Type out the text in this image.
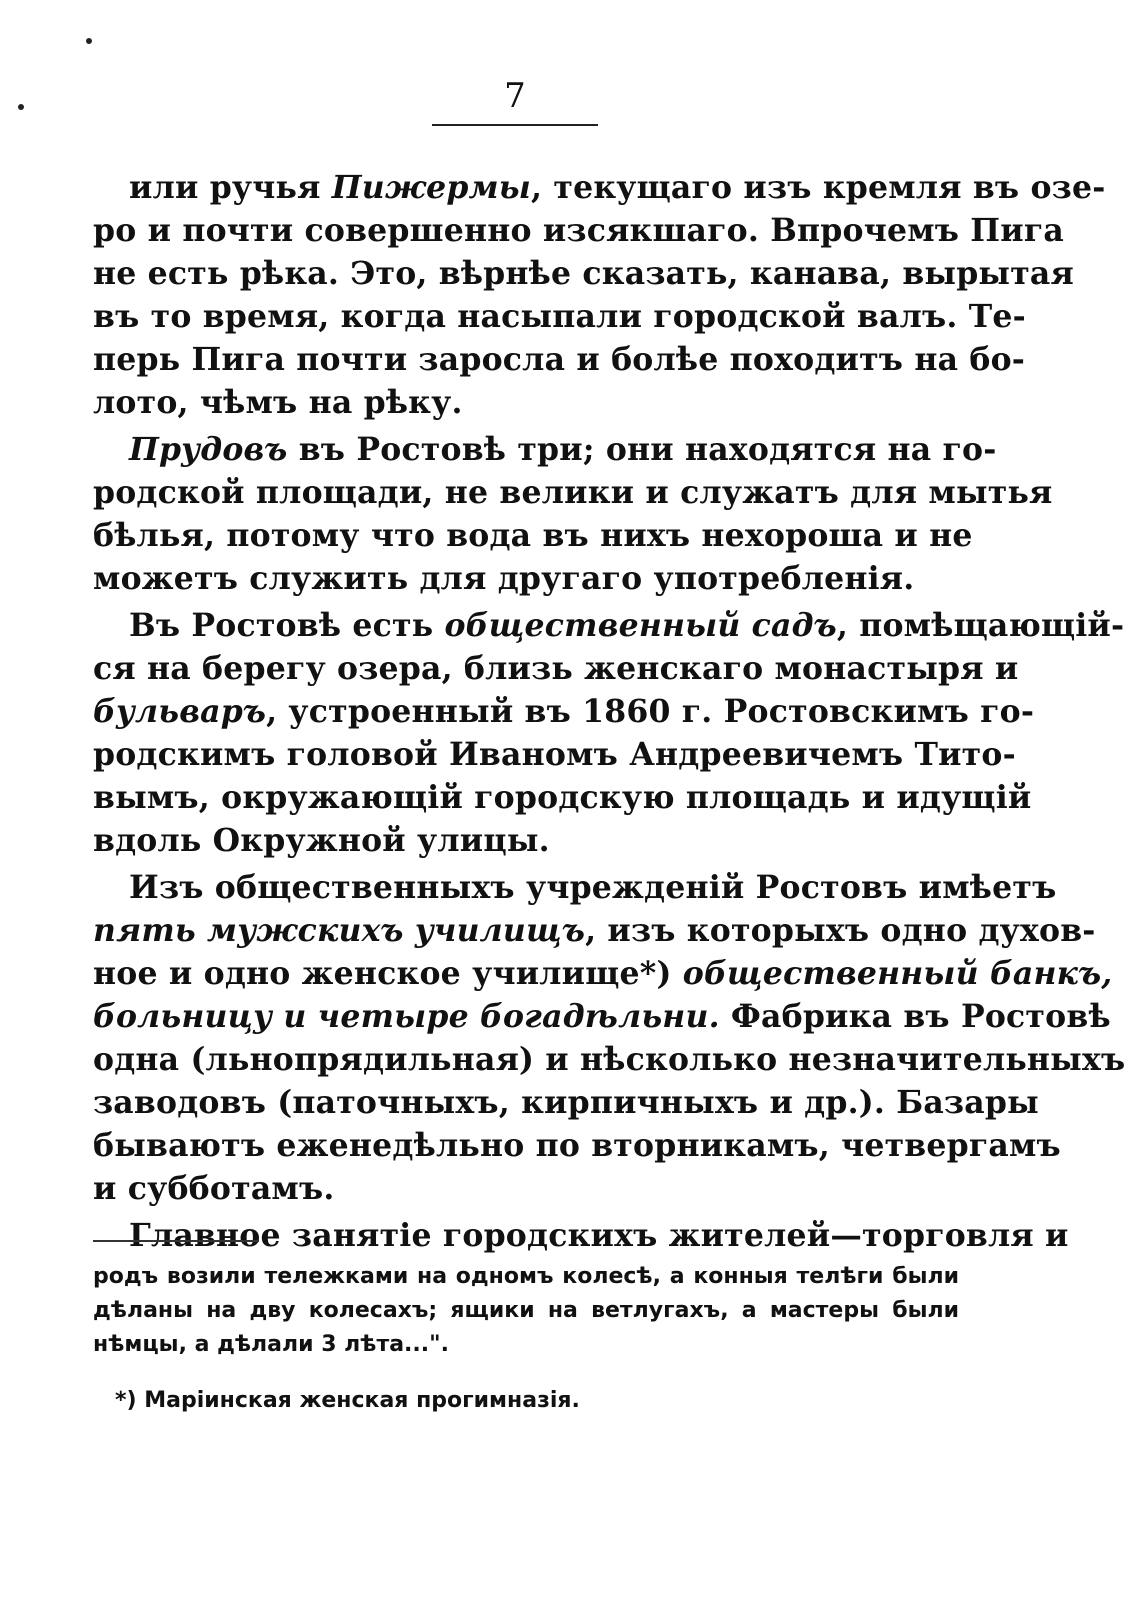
7
или ручья Пижермы, текущаго изъ кремля въ озе-
ро и почти совершенно изсякшаго. Впрочемъ Пига
не есть рѣка. Это, вѣрнѣе сказать, канава, вырытая
въ то время, когда насыпали городской валъ. Те-
перь Пига почти заросла и болѣе походитъ на бо-
лото, чѣмъ на рѣку.
Прудовъ въ Ростовѣ три; они находятся на го-
родской площади, не велики и служатъ для мытья
бѣлья, потому что вода въ нихъ нехороша и не
можетъ служить для другаго употребленія.
Въ Ростовѣ есть общественный садъ, помѣщающій-
ся на берегу озера, близь женскаго монастыря и
бульваръ, устроенный въ 1860 г. Ростовскимъ го-
родскимъ головой Иваномъ Андреевичемъ Тито-
вымъ, окружающій городскую площадь и идущій
вдоль Окружной улицы.
Изъ общественныхъ учрежденій Ростовъ имѣетъ
пять мужскихъ училищъ, изъ которыхъ одно духов-
ное и одно женское училище*) общественный банкъ,
больницу и четыре богадѣльни. Фабрика въ Ростовѣ
одна (льнопрядильная) и нѣсколько незначительныхъ
заводовъ (паточныхъ, кирпичныхъ и др.). Базары
бываютъ еженедѣльно по вторникамъ, четвергамъ
и субботамъ.
Главное занятіе городскихъ жителей—торговля и
родъ возили тележками на одномъ колесѣ, а конныя телѣги были
дѣланы на дву колесахъ; ящики на ветлугахъ, а мастеры были
нѣмцы, а дѣлали 3 лѣта...".
*) Маріинская женская прогимназія.
